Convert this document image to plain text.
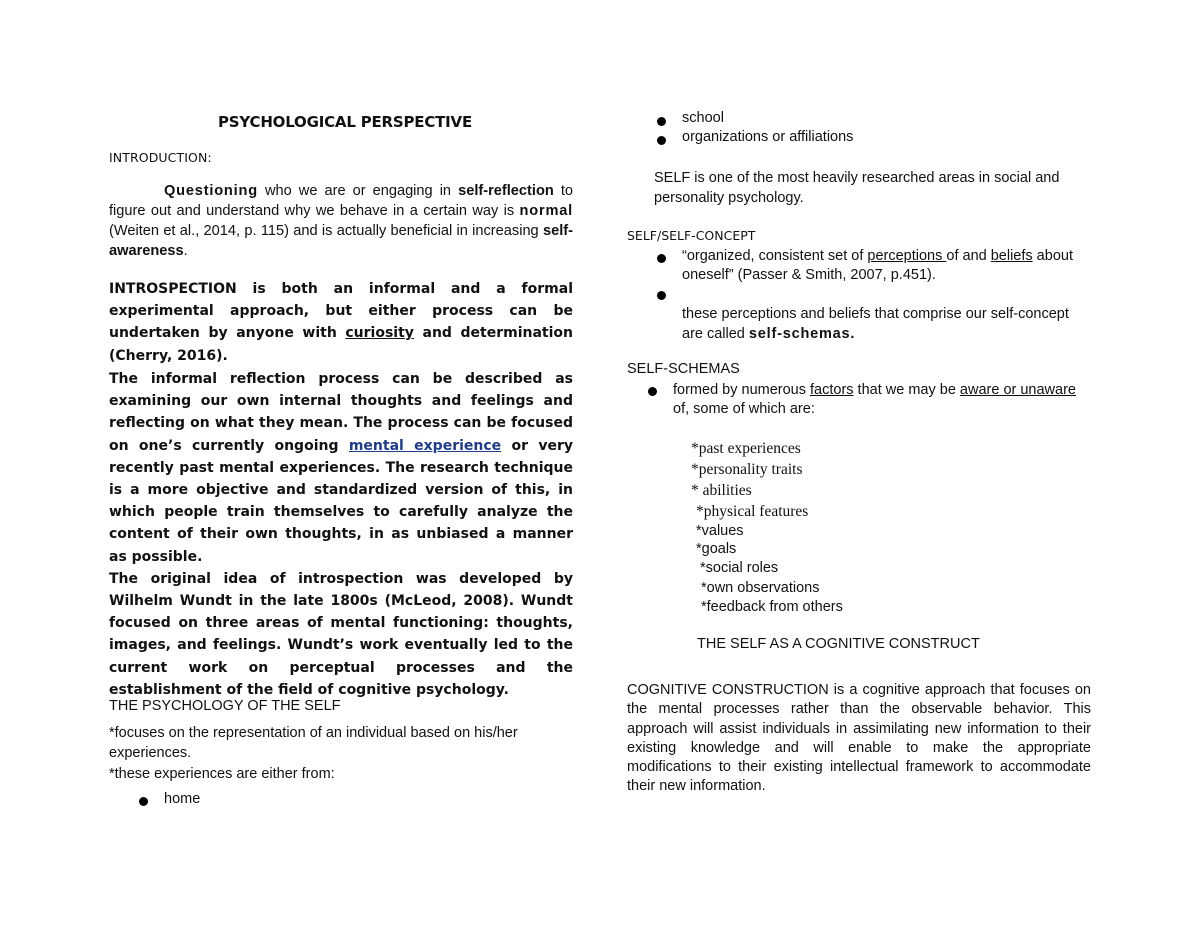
PSYCHOLOGICAL PERSPECTIVE
INTRODUCTION:

Questioning who we are or engaging in self-reflection to figure out and understand why we behave in a certain way is normal (Weiten et al., 2014, p. 115) and is actually beneficial in increasing self-awareness.

INTROSPECTION is both an informal and a formal experimental approach, but either process can be undertaken by anyone with curiosity and determination (Cherry, 2016).

The informal reflection process can be described as examining our own internal thoughts and feelings and reflecting on what they mean. The process can be focused on one’s currently ongoing mental experience or very recently past mental experiences. The research technique is a more objective and standardized version of this, in which people train themselves to carefully analyze the content of their own thoughts, in as unbiased a manner as possible.

The original idea of introspection was developed by Wilhelm Wundt in the late 1800s (McLeod, 2008). Wundt focused on three areas of mental functioning: thoughts, images, and feelings. Wundt’s work eventually led to the current work on perceptual processes and the establishment of the field of cognitive psychology.

THE PSYCHOLOGY OF THE SELF
*focuses on the representation of an individual based on his/her experiences.
*these experiences are either from:
home
school
organizations or affiliations
SELF is one of the most heavily researched areas in social and personality psychology.
SELF/SELF-CONCEPT

“organized, consistent set of perceptions of and beliefs about oneself” (Passer & Smith, 2007, p.451).

these perceptions and beliefs that comprise our self-concept are called self-schemas.

SELF-SCHEMAS

formed by numerous factors that we may be aware or unaware of, some of which are:

*past experiences
*personality traits
* abilities
*physical features
*values
*goals
*social roles
*own observations
*feedback from others
THE SELF AS A COGNITIVE CONSTRUCT

COGNITIVE CONSTRUCTION is a cognitive approach that focuses on the mental processes rather than the observable behavior. This approach will assist individuals in assimilating new information to their existing knowledge and will enable to make the appropriate modifications to their existing intellectual framework to accommodate their new information.
